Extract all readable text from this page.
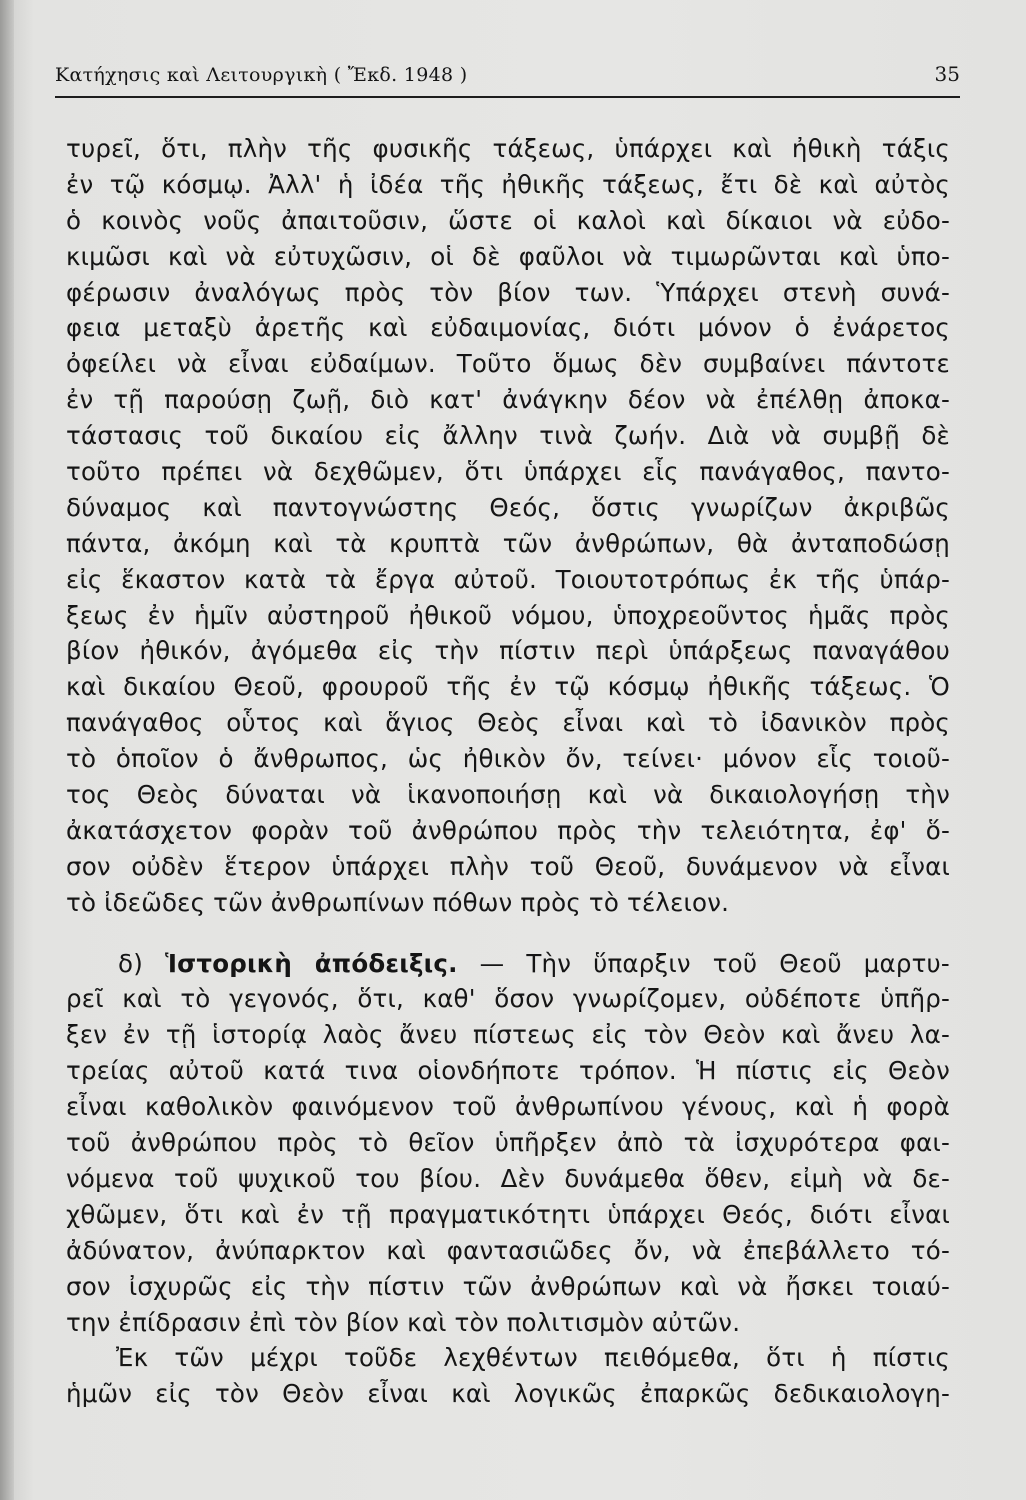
Κατήχησις καὶ Λειτουργικὴ ( Ἔκδ. 1948 )	35
τυρεῖ, ὅτι, πλὴν τῆς φυσικῆς τάξεως, ὑπάρχει καὶ ἠθικὴ τάξις
ἐν τῷ κόσμῳ. Ἀλλ' ἡ ἰδέα τῆς ἠθικῆς τάξεως, ἔτι δὲ καὶ αὐτὸς
ὁ κοινὸς νοῦς ἀπαιτοῦσιν, ὥστε οἱ καλοὶ καὶ δίκαιοι νὰ εὐδο-
κιμῶσι καὶ νὰ εὐτυχῶσιν, οἱ δὲ φαῦλοι νὰ τιμωρῶνται καὶ ὑπο-
φέρωσιν ἀναλόγως πρὸς τὸν βίον των. Ὑπάρχει στενὴ συνά-
φεια μεταξὺ ἀρετῆς καὶ εὐδαιμονίας, διότι μόνον ὁ ἐνάρετος
ὀφείλει νὰ εἶναι εὐδαίμων. Τοῦτο ὅμως δὲν συμβαίνει πάντοτε
ἐν τῇ παρούσῃ ζωῇ, διὸ κατ' ἀνάγκην δέον νὰ ἐπέλθῃ ἀποκα-
τάστασις τοῦ δικαίου εἰς ἄλλην τινὰ ζωήν. Διὰ νὰ συμβῇ δὲ
τοῦτο πρέπει νὰ δεχθῶμεν, ὅτι ὑπάρχει εἷς πανάγαθος, παντο-
δύναμος καὶ παντογνώστης Θεός, ὅστις γνωρίζων ἀκριβῶς
πάντα, ἀκόμη καὶ τὰ κρυπτὰ τῶν ἀνθρώπων, θὰ ἀνταποδώσῃ
εἰς ἕκαστον κατὰ τὰ ἔργα αὐτοῦ. Τοιουτοτρόπως ἐκ τῆς ὑπάρ-
ξεως ἐν ἡμῖν αὐστηροῦ ἠθικοῦ νόμου, ὑποχρεοῦντος ἡμᾶς πρὸς
βίον ἠθικόν, ἀγόμεθα εἰς τὴν πίστιν περὶ ὑπάρξεως παναγάθου
καὶ δικαίου Θεοῦ, φρουροῦ τῆς ἐν τῷ κόσμῳ ἠθικῆς τάξεως. Ὁ
πανάγαθος οὗτος καὶ ἅγιος Θεὸς εἶναι καὶ τὸ ἰδανικὸν πρὸς
τὸ ὁποῖον ὁ ἄνθρωπος, ὡς ἠθικὸν ὄν, τείνει· μόνον εἷς τοιοῦ-
τος Θεὸς δύναται νὰ ἱκανοποιήσῃ καὶ νὰ δικαιολογήσῃ τὴν
ἀκατάσχετον φορὰν τοῦ ἀνθρώπου πρὸς τὴν τελειότητα, ἐφ' ὅ-
σον οὐδὲν ἕτερον ὑπάρχει πλὴν τοῦ Θεοῦ, δυνάμενον νὰ εἶναι
τὸ ἰδεῶδες τῶν ἀνθρωπίνων πόθων πρὸς τὸ τέλειον.
δ) Ἱστορικὴ ἀπόδειξις. — Τὴν ὕπαρξιν τοῦ Θεοῦ μαρτυ-
ρεῖ καὶ τὸ γεγονός, ὅτι, καθ' ὅσον γνωρίζομεν, οὐδέποτε ὑπῆρ-
ξεν ἐν τῇ ἱστορίᾳ λαὸς ἄνευ πίστεως εἰς τὸν Θεὸν καὶ ἄνευ λα-
τρείας αὐτοῦ κατά τινα οἱονδήποτε τρόπον. Ἡ πίστις εἰς Θεὸν
εἶναι καθολικὸν φαινόμενον τοῦ ἀνθρωπίνου γένους, καὶ ἡ φορὰ
τοῦ ἀνθρώπου πρὸς τὸ θεῖον ὑπῆρξεν ἀπὸ τὰ ἰσχυρότερα φαι-
νόμενα τοῦ ψυχικοῦ του βίου. Δὲν δυνάμεθα ὅθεν, εἰμὴ νὰ δε-
χθῶμεν, ὅτι καὶ ἐν τῇ πραγματικότητι ὑπάρχει Θεός, διότι εἶναι
ἀδύνατον, ἀνύπαρκτον καὶ φαντασιῶδες ὄν, νὰ ἐπεβάλλετο τό-
σον ἰσχυρῶς εἰς τὴν πίστιν τῶν ἀνθρώπων καὶ νὰ ἤσκει τοιαύ-
την ἐπίδρασιν ἐπὶ τὸν βίον καὶ τὸν πολιτισμὸν αὐτῶν.
Ἐκ τῶν μέχρι τοῦδε λεχθέντων πειθόμεθα, ὅτι ἡ πίστις
ἡμῶν εἰς τὸν Θεὸν εἶναι καὶ λογικῶς ἐπαρκῶς δεδικαιολογη-
